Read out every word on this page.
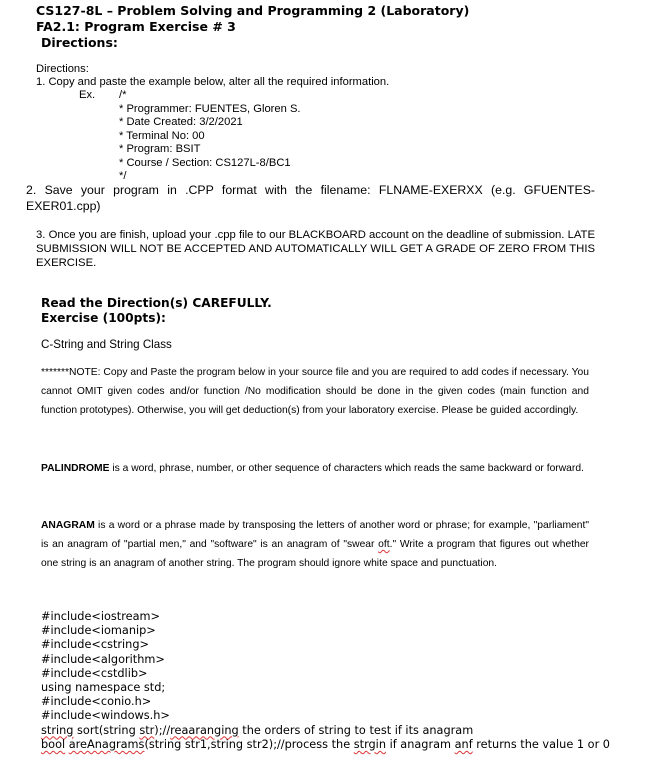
CS127-8L – Problem Solving and Programming 2 (Laboratory)
FA2.1: Program Exercise # 3
Directions:
Directions:
1. Copy and paste the example below, alter all the required information.
Ex. /*
* Programmer: FUENTES, Gloren S.
* Date Created: 3/2/2021
* Terminal No: 00
* Program: BSIT
* Course / Section: CS127L-8/BC1
*/
2. Save your program in .CPP format with the filename: FLNAME-EXERXX (e.g. GFUENTES-EXER01.cpp)
3. Once you are finish, upload your .cpp file to our BLACKBOARD account on the deadline of submission. LATE SUBMISSION WILL NOT BE ACCEPTED AND AUTOMATICALLY WILL GET A GRADE OF ZERO FROM THIS EXERCISE.
Read the Direction(s) CAREFULLY.
Exercise (100pts):
C-String and String Class
*******NOTE: Copy and Paste the program below in your source file and you are required to add codes if necessary. You cannot OMIT given codes and/or function /No modification should be done in the given codes (main function and function prototypes). Otherwise, you will get deduction(s) from your laboratory exercise. Please be guided accordingly.
PALINDROME is a word, phrase, number, or other sequence of characters which reads the same backward or forward.
ANAGRAM is a word or a phrase made by transposing the letters of another word or phrase; for example, "parliament" is an anagram of "partial men," and "software" is an anagram of "swear oft." Write a program that figures out whether one string is an anagram of another string. The program should ignore white space and punctuation.
#include<iostream>
#include<iomanip>
#include<cstring>
#include<algorithm>
#include<cstdlib>
using namespace std;
#include<conio.h>
#include<windows.h>
string sort(string str);//reaaranging the orders of string to test if its anagram
bool areAnagrams(string str1,string str2);//process the strgin if anagram anf returns the value 1 or 0
